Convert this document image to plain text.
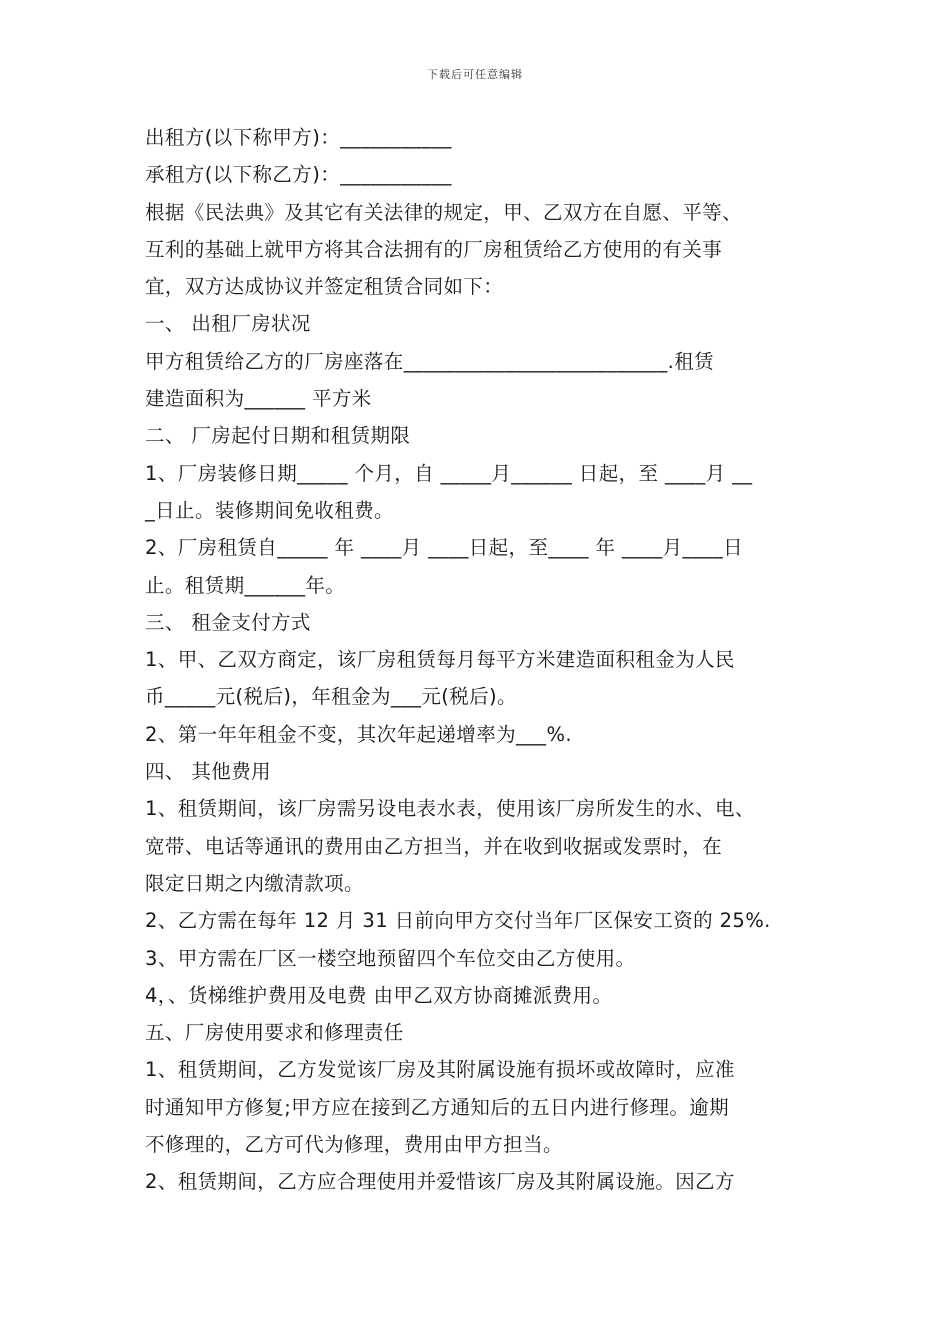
下载后可任意编辑
出租方(以下称甲方)：___________
承租方(以下称乙方)：___________
根据《民法典》及其它有关法律的规定，甲、乙双方在自愿、平等、
互利的基础上就甲方将其合法拥有的厂房租赁给乙方使用的有关事
宜，双方达成协议并签定租赁合同如下：
一、 出租厂房状况
甲方租赁给乙方的厂房座落在__________________________.租赁
建造面积为______ 平方米
二、 厂房起付日期和租赁期限
1、厂房装修日期_____ 个月，自 _____月______ 日起，至 ____月 __
_日止。装修期间免收租费。
2、厂房租赁自_____ 年 ____月 ____日起，至____ 年 ____月____日
止。租赁期______年。
三、 租金支付方式
1、甲、乙双方商定，该厂房租赁每月每平方米建造面积租金为人民
币_____元(税后)，年租金为___元(税后)。
2、第一年年租金不变，其次年起递增率为___%.
四、 其他费用
1、租赁期间，该厂房需另设电表水表，使用该厂房所发生的水、电、
宽带、电话等通讯的费用由乙方担当，并在收到收据或发票时，在
限定日期之内缴清款项。
2、乙方需在每年 12 月 31 日前向甲方交付当年厂区保安工资的 25%.
3、甲方需在厂区一楼空地预留四个车位交由乙方使用。
4，、货梯维护费用及电费 由甲乙双方协商摊派费用。
五、厂房使用要求和修理责任
1、租赁期间，乙方发觉该厂房及其附属设施有损坏或故障时，应准
时通知甲方修复;甲方应在接到乙方通知后的五日内进行修理。逾期
不修理的，乙方可代为修理，费用由甲方担当。
2、租赁期间，乙方应合理使用并爱惜该厂房及其附属设施。因乙方
